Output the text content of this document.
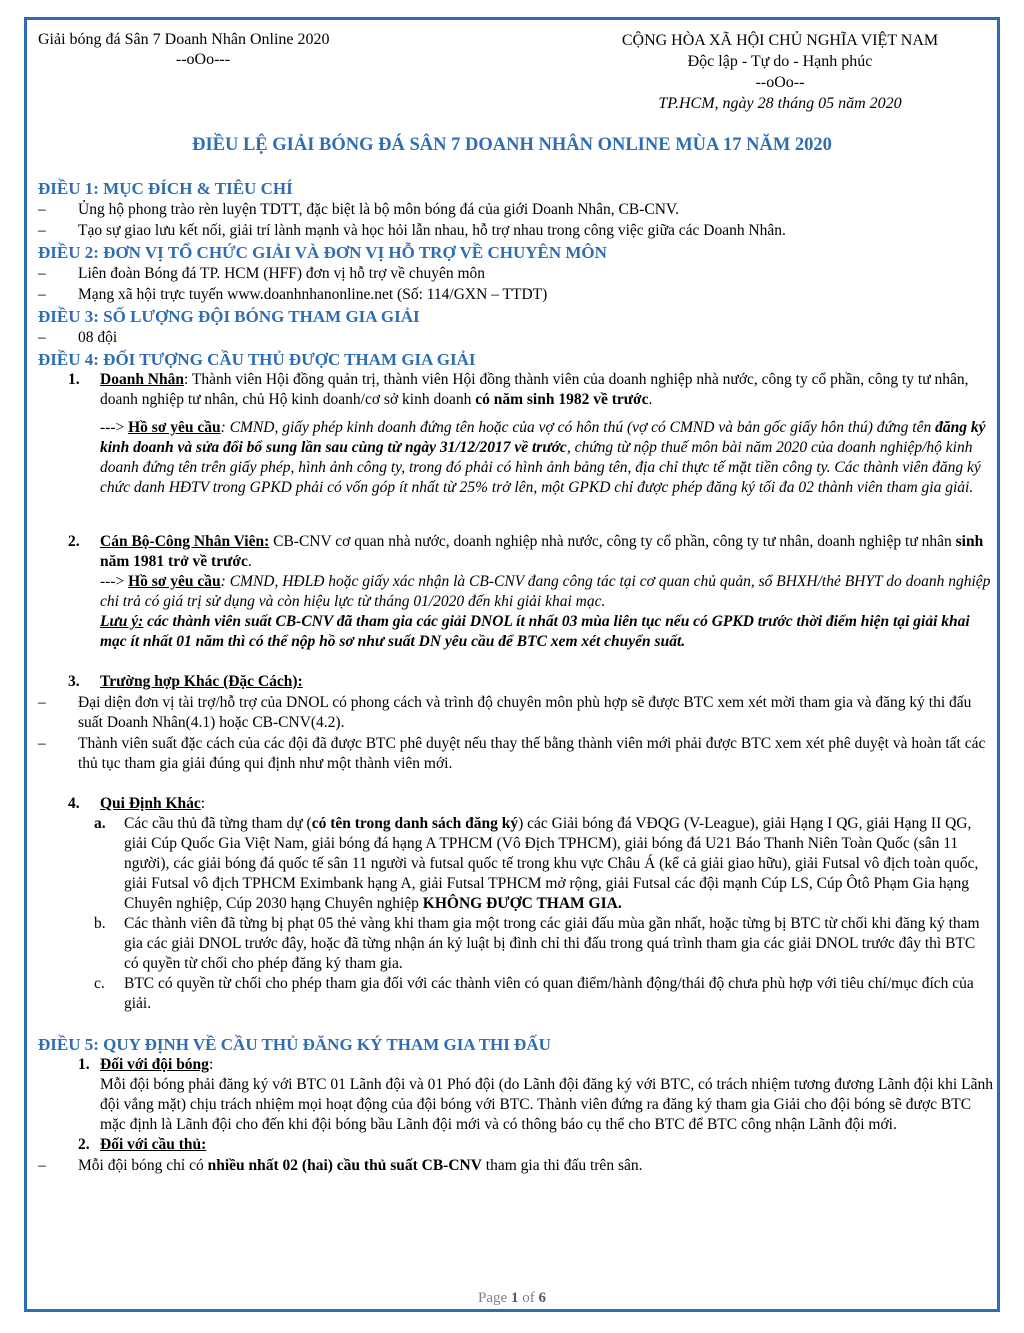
Giải bóng đá Sân 7 Doanh Nhân Online 2020
--oOo---
CỘNG HÒA XÃ HỘI CHỦ NGHĨA VIỆT NAM
Độc lập - Tự do - Hạnh phúc
--oOo--
TP.HCM, ngày 28 tháng 05 năm 2020
ĐIỀU LỆ GIẢI BÓNG ĐÁ SÂN 7 DOANH NHÂN ONLINE MÙA 17 NĂM 2020
ĐIỀU 1: MỤC ĐÍCH & TIÊU CHÍ
– Ủng hộ phong trào rèn luyện TDTT, đặc biệt là bộ môn bóng đá của giới Doanh Nhân, CB-CNV.
– Tạo sự giao lưu kết nối, giải trí lành mạnh và học hỏi lẫn nhau, hỗ trợ nhau trong công việc giữa các Doanh Nhân.
ĐIỀU 2: ĐƠN VỊ TỔ CHỨC GIẢI VÀ ĐƠN VỊ HỖ TRỢ VỀ CHUYÊN MÔN
– Liên đoàn Bóng đá TP. HCM (HFF) đơn vị hỗ trợ về chuyên môn
– Mạng xã hội trực tuyến www.doanhnhanonline.net (Số: 114/GXN – TTDT)
ĐIỀU 3: SỐ LƯỢNG ĐỘI BÓNG THAM GIA GIẢI
– 08 đội
ĐIỀU 4: ĐỐI TƯỢNG CẦU THỦ ĐƯỢC THAM GIA GIẢI
1. Doanh Nhân: Thành viên Hội đồng quản trị, thành viên Hội đồng thành viên của doanh nghiệp nhà nước, công ty cổ phần, công ty tư nhân, doanh nghiệp tư nhân, chủ Hộ kinh doanh/cơ sở kinh doanh có năm sinh 1982 về trước.
---> Hồ sơ yêu cầu: CMND, giấy phép kinh doanh đứng tên hoặc của vợ có hôn thú (vợ có CMND và bản gốc giấy hôn thú) đứng tên đăng ký kinh doanh và sửa đổi bổ sung lần sau cùng từ ngày 31/12/2017 về trước, chứng từ nộp thuế môn bài năm 2020 của doanh nghiệp/hộ kinh doanh đứng tên trên giấy phép, hình ảnh công ty, trong đó phải có hình ảnh bảng tên, địa chỉ thực tế mặt tiền công ty. Các thành viên đăng ký chức danh HĐTV trong GPKD phải có vốn góp ít nhất từ 25% trở lên, một GPKD chỉ được phép đăng ký tối đa 02 thành viên tham gia giải.
2. Cán Bộ-Công Nhân Viên: CB-CNV cơ quan nhà nước, doanh nghiệp nhà nước, công ty cổ phần, công ty tư nhân, doanh nghiệp tư nhân sinh năm 1981 trở về trước.
---> Hồ sơ yêu cầu: CMND, HĐLĐ hoặc giấy xác nhận là CB-CNV đang công tác tại cơ quan chủ quản, sổ BHXH/thẻ BHYT do doanh nghiệp chi trả có giá trị sử dụng và còn hiệu lực từ tháng 01/2020 đến khi giải khai mạc.
Lưu ý: các thành viên suất CB-CNV đã tham gia các giải DNOL ít nhất 03 mùa liên tục nếu có GPKD trước thời điểm hiện tại giải khai mạc ít nhất 01 năm thì có thể nộp hồ sơ như suất DN yêu cầu để BTC xem xét chuyển suất.
3. Trường hợp Khác (Đặc Cách):
– Đại diện đơn vị tài trợ/hỗ trợ của DNOL có phong cách và trình độ chuyên môn phù hợp sẽ được BTC xem xét mời tham gia và đăng ký thi đấu suất Doanh Nhân(4.1) hoặc CB-CNV(4.2).
– Thành viên suất đặc cách của các đội đã được BTC phê duyệt nếu thay thế bằng thành viên mới phải được BTC xem xét phê duyệt và hoàn tất các thủ tục tham gia giải đúng qui định như một thành viên mới.
4. Qui Định Khác:
a. Các cầu thủ đã từng tham dự (có tên trong danh sách đăng ký) các Giải bóng đá VĐQG (V-League), giải Hạng I QG, giải Hạng II QG, giải Cúp Quốc Gia Việt Nam, giải bóng đá hạng A TPHCM (Vô Địch TPHCM), giải bóng đá U21 Báo Thanh Niên Toàn Quốc (sân 11 người), các giải bóng đá quốc tế sân 11 người và futsal quốc tế trong khu vực Châu Á (kể cả giải giao hữu), giải Futsal vô địch toàn quốc, giải Futsal vô địch TPHCM Eximbank hạng A, giải Futsal TPHCM mở rộng, giải Futsal các đội mạnh Cúp LS, Cúp Ôtô Phạm Gia hạng Chuyên nghiệp, Cúp 2030 hạng Chuyên nghiệp KHÔNG ĐƯỢC THAM GIA.
b. Các thành viên đã từng bị phạt 05 thẻ vàng khi tham gia một trong các giải đấu mùa gần nhất, hoặc từng bị BTC từ chối khi đăng ký tham gia các giải DNOL trước đây, hoặc đã từng nhận án kỷ luật bị đình chỉ thi đấu trong quá trình tham gia các giải DNOL trước đây thì BTC có quyền từ chối cho phép đăng ký tham gia.
c. BTC có quyền từ chối cho phép tham gia đối với các thành viên có quan điểm/hành động/thái độ chưa phù hợp với tiêu chí/mục đích của giải.
ĐIỀU 5: QUY ĐỊNH VỀ CẦU THỦ ĐĂNG KÝ THAM GIA THI ĐẤU
1. Đối với đội bóng:
Mỗi đội bóng phải đăng ký với BTC 01 Lãnh đội và 01 Phó đội (do Lãnh đội đăng ký với BTC, có trách nhiệm tương đương Lãnh đội khi Lãnh đội vắng mặt) chịu trách nhiệm mọi hoạt động của đội bóng với BTC. Thành viên đứng ra đăng ký tham gia Giải cho đội bóng sẽ được BTC mặc định là Lãnh đội cho đến khi đội bóng bầu Lãnh đội mới và có thông báo cụ thể cho BTC để BTC công nhận Lãnh đội mới.
2. Đối với cầu thủ:
– Mỗi đội bóng chỉ có nhiều nhất 02 (hai) cầu thủ suất CB-CNV tham gia thi đấu trên sân.
Page 1 of 6
